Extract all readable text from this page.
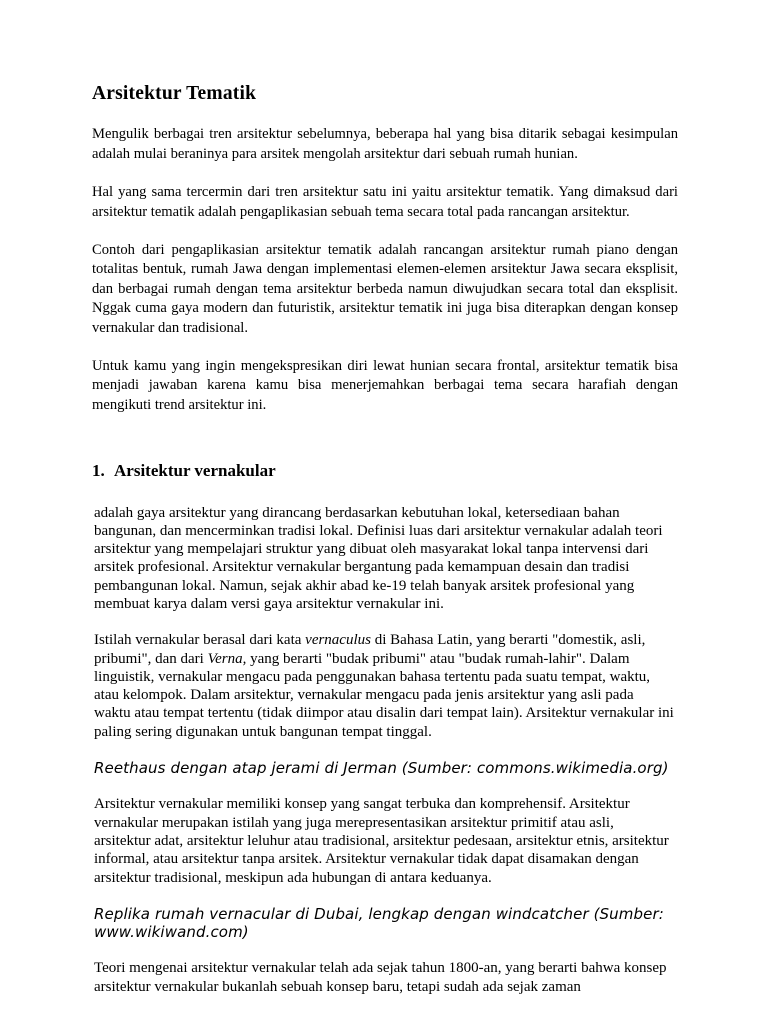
Arsitektur Tematik

Mengulik berbagai tren arsitektur sebelumnya, beberapa hal yang bisa ditarik sebagai kesimpulan adalah mulai beraninya para arsitek mengolah arsitektur dari sebuah rumah hunian.

Hal yang sama tercermin dari tren arsitektur satu ini yaitu arsitektur tematik. Yang dimaksud dari arsitektur tematik adalah pengaplikasian sebuah tema secara total pada rancangan arsitektur.

Contoh dari pengaplikasian arsitektur tematik adalah rancangan arsitektur rumah piano dengan totalitas bentuk, rumah Jawa dengan implementasi elemen-elemen arsitektur Jawa secara eksplisit, dan berbagai rumah dengan tema arsitektur berbeda namun diwujudkan secara total dan eksplisit. Nggak cuma gaya modern dan futuristik, arsitektur tematik ini juga bisa diterapkan dengan konsep vernakular dan tradisional.

Untuk kamu yang ingin mengekspresikan diri lewat hunian secara frontal, arsitektur tematik bisa menjadi jawaban karena kamu bisa menerjemahkan berbagai tema secara harafiah dengan mengikuti trend arsitektur ini.

1. Arsitektur vernakular

adalah gaya arsitektur yang dirancang berdasarkan kebutuhan lokal, ketersediaan bahan bangunan, dan mencerminkan tradisi lokal. Definisi luas dari arsitektur vernakular adalah teori arsitektur yang mempelajari struktur yang dibuat oleh masyarakat lokal tanpa intervensi dari arsitek profesional. Arsitektur vernakular bergantung pada kemampuan desain dan tradisi pembangunan lokal. Namun, sejak akhir abad ke-19 telah banyak arsitek profesional yang membuat karya dalam versi gaya arsitektur vernakular ini.

Istilah vernakular berasal dari kata vernaculus di Bahasa Latin, yang berarti "domestik, asli, pribumi", dan dari Verna, yang berarti "budak pribumi" atau "budak rumah-lahir". Dalam linguistik, vernakular mengacu pada penggunakan bahasa tertentu pada suatu tempat, waktu, atau kelompok. Dalam arsitektur, vernakular mengacu pada jenis arsitektur yang asli pada waktu atau tempat tertentu (tidak diimpor atau disalin dari tempat lain). Arsitektur vernakular ini paling sering digunakan untuk bangunan tempat tinggal.

Reethaus dengan atap jerami di Jerman (Sumber: commons.wikimedia.org)

Arsitektur vernakular memiliki konsep yang sangat terbuka dan komprehensif. Arsitektur vernakular merupakan istilah yang juga merepresentasikan arsitektur primitif atau asli, arsitektur adat, arsitektur leluhur atau tradisional, arsitektur pedesaan, arsitektur etnis, arsitektur informal, atau arsitektur tanpa arsitek. Arsitektur vernakular tidak dapat disamakan dengan arsitektur tradisional, meskipun ada hubungan di antara keduanya.

Replika rumah vernacular di Dubai, lengkap dengan windcatcher (Sumber: www.wikiwand.com)

Teori mengenai arsitektur vernakular telah ada sejak tahun 1800-an, yang berarti bahwa konsep arsitektur vernakular bukanlah sebuah konsep baru, tetapi sudah ada sejak zaman
